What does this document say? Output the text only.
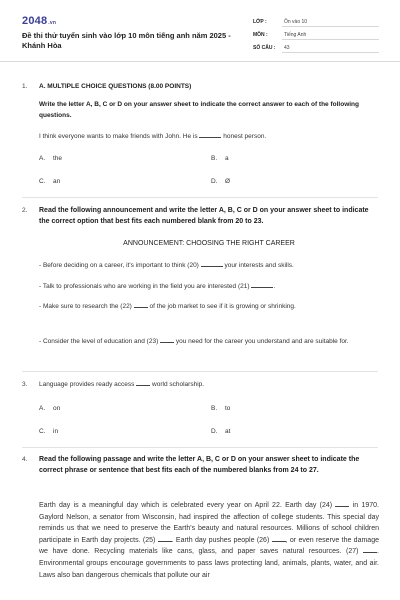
2048.vn
Đề thi thử tuyển sinh vào lớp 10 môn tiếng anh năm 2025 - Khánh Hòa
LỚP :	Ôn vào 10
MÔN :	Tiếng Anh
SỐ CÂU : 43
1. A. MULTIPLE CHOICE QUESTIONS (8.00 POINTS)
Write the letter A, B, C or D on your answer sheet to indicate the correct answer to each of the following questions.
I think everyone wants to make friends with John. He is	honest person.
A. the	B. a
C. an	D. Ø
2. Read the following announcement and write the letter A, B, C or D on your answer sheet to indicate the correct option that best fits each numbered blank from 20 to 23.
ANNOUNCEMENT: CHOOSING THE RIGHT CAREER
- Before deciding on a career, it's important to think (20)	your interests and skills.
- Talk to professionals who are working in the field you are interested (21)	.
- Make sure to research the (22)	of the job market to see if it is growing or shrinking.
- Consider the level of education and (23)	you need for the career you understand and are suitable for.
3. Language provides ready access	world scholarship.
A. on	B. to
C. in	D. at
4. Read the following passage and write the letter A, B, C or D on your answer sheet to indicate the correct phrase or sentence that best fits each of the numbered blanks from 24 to 27.
Earth day is a meaningful day which is celebrated every year on April 22. Earth day (24)	in 1970. Gaylord Nelson, a senator from Wisconsin, had inspired the affection of college students. This special day reminds us that we need to preserve the Earth's beauty and natural resources. Millions of school children participate in Earth day projects. (25) . Earth day pushes people (26) , or even reserve the damage we have done. Recycling materials like cans, glass, and paper saves natural resources. (27)	. Environmental groups encourage governments to pass laws protecting land, animals, plants, water, and air. Laws also ban dangerous chemicals that pollute our air
